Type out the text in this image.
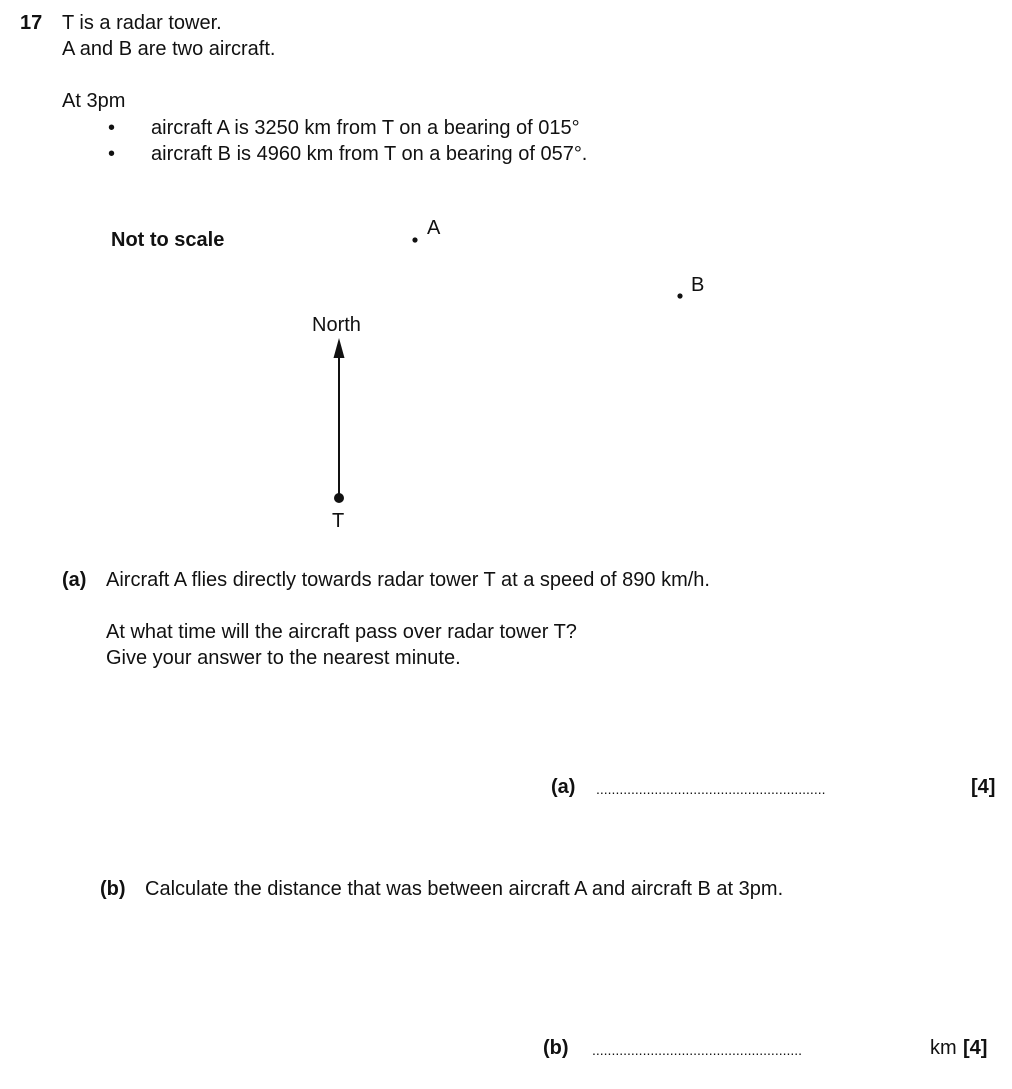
17 T is a radar tower.
A and B are two aircraft.
At 3pm
• aircraft A is 3250 km from T on a bearing of 015°
• aircraft B is 4960 km from T on a bearing of 057°.
Not to scale
A
B
North
T
(a) Aircraft A flies directly towards radar tower T at a speed of 890 km/h.
At what time will the aircraft pass over radar tower T?
Give your answer to the nearest minute.
(a) ...........................................................	[4]
(b) Calculate the distance that was between aircraft A and aircraft B at 3pm.
(b) ......................................................	km [4]
